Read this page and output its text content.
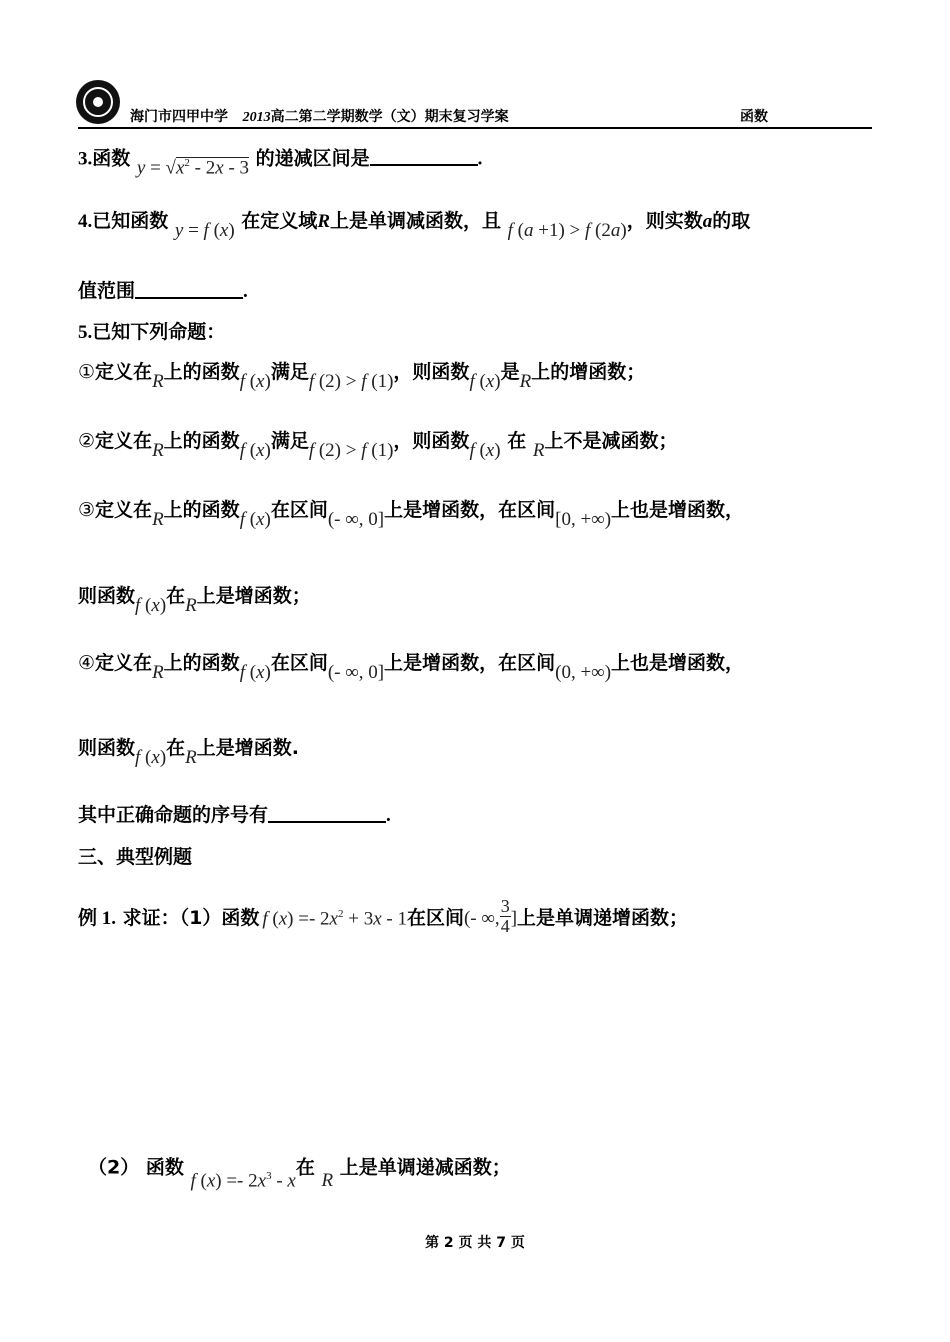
海门市四甲中学 2013高二第二学期数学（文）期末复习学案	函数
3.函数 $y = √x^2 - 2x - 3$ 的递减区间是	.
4.已知函数 y = f (x) 在定义域R上是单调减函数，且 f (a +1) > f (2a)，则实数a的取
值范围	.
5.已知下列命题：
①定义在R上的函数f (x)满足f (2) > f (1)，则函数f (x)是R上的增函数；
②定义在R上的函数f (x)满足f (2) > f (1)，则函数f (x) 在 R上不是减函数；
③定义在R上的函数f (x)在区间(- ∞, 0]上是增函数，在区间[0, +∞)上也是增函数，
则函数f (x)在R上是增函数；
④定义在R上的函数f (x)在区间(- ∞, 0]上是增函数，在区间(0, +∞)上也是增函数，
则函数f (x)在R上是增函数.
其中正确命题的序号有	.
三、典型例题
例 1. 求证：（1）函数 f $(x) =- 2x^2 + 3x - 1$在区间(- ∞, $\frac{3}{4}$ ]上是单调递增函数；
（2） 函数 f $(x) =- 2x^3 - x$在 R 上是单调递减函数；
第 2 页 共 7 页
